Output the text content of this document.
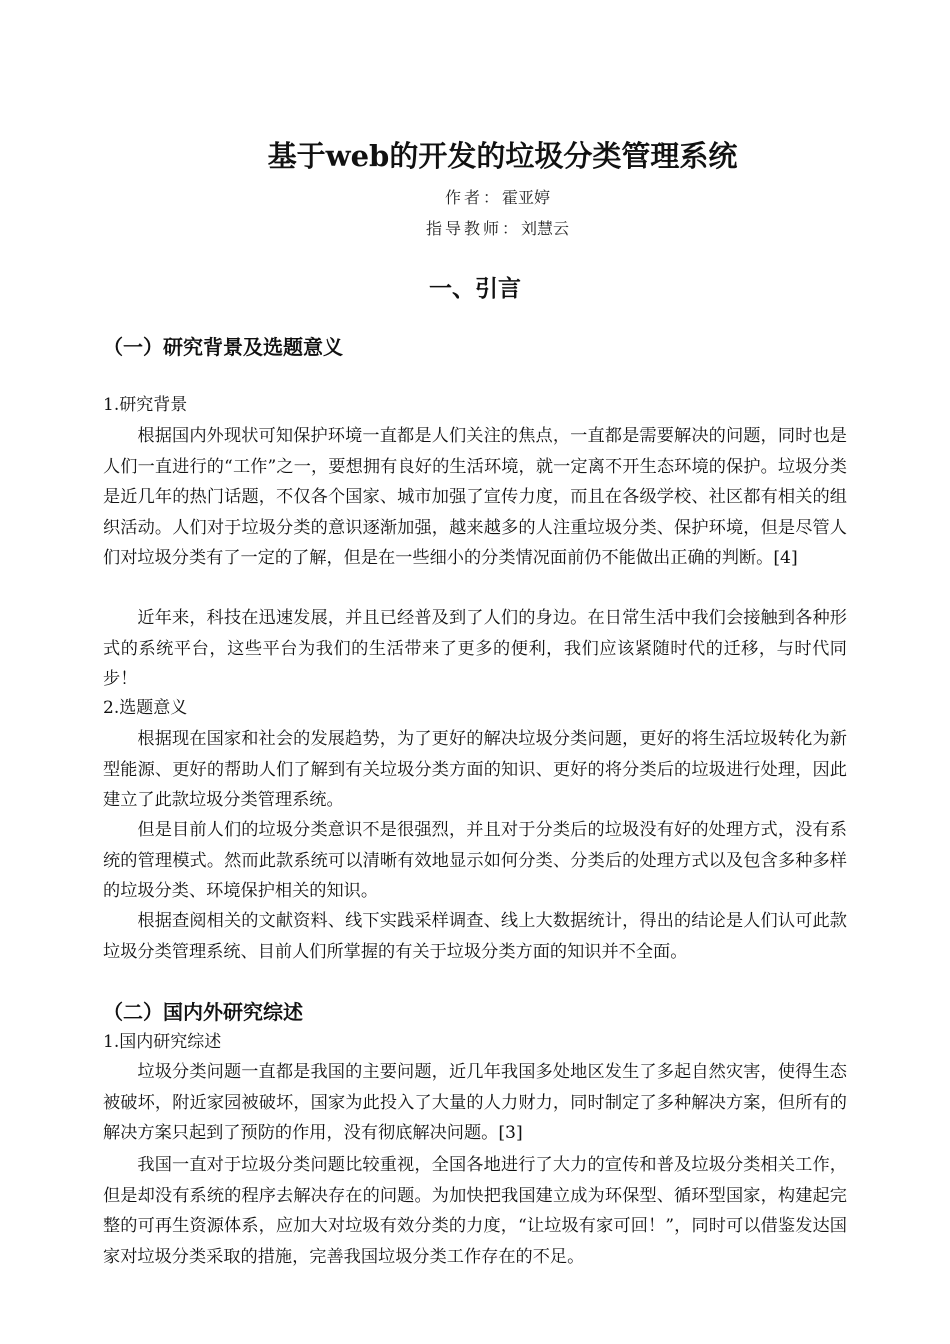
基于web的开发的垃圾分类管理系统
作者：霍亚婷
指导教师：刘慧云
一、引言
（一）研究背景及选题意义
1.研究背景

根据国内外现状可知保护环境一直都是人们关注的焦点，一直都是需要解决的问题，同时也是人们一直进行的“工作”之一，要想拥有良好的生活环境，就一定离不开生态环境的保护。垃圾分类是近几年的热门话题，不仅各个国家、城市加强了宣传力度，而且在各级学校、社区都有相关的组织活动。人们对于垃圾分类的意识逐渐加强，越来越多的人注重垃圾分类、保护环境，但是尽管人们对垃圾分类有了一定的了解，但是在一些细小的分类情况面前仍不能做出正确的判断。[4]

近年来，科技在迅速发展，并且已经普及到了人们的身边。在日常生活中我们会接触到各种形式的系统平台，这些平台为我们的生活带来了更多的便利，我们应该紧随时代的迁移，与时代同步！

2.选题意义

根据现在国家和社会的发展趋势，为了更好的解决垃圾分类问题，更好的将生活垃圾转化为新型能源、更好的帮助人们了解到有关垃圾分类方面的知识、更好的将分类后的垃圾进行处理，因此建立了此款垃圾分类管理系统。

但是目前人们的垃圾分类意识不是很强烈，并且对于分类后的垃圾没有好的处理方式，没有系统的管理模式。然而此款系统可以清晰有效地显示如何分类、分类后的处理方式以及包含多种多样的垃圾分类、环境保护相关的知识。

根据查阅相关的文献资料、线下实践采样调查、线上大数据统计，得出的结论是人们认可此款垃圾分类管理系统、目前人们所掌握的有关于垃圾分类方面的知识并不全面。

（二）国内外研究综述
1.国内研究综述

垃圾分类问题一直都是我国的主要问题，近几年我国多处地区发生了多起自然灾害，使得生态被破坏，附近家园被破坏，国家为此投入了大量的人力财力，同时制定了多种解决方案，但所有的解决方案只起到了预防的作用，没有彻底解决问题。[3]

我国一直对于垃圾分类问题比较重视，全国各地进行了大力的宣传和普及垃圾分类相关工作，但是却没有系统的程序去解决存在的问题。为加快把我国建立成为环保型、循环型国家，构建起完整的可再生资源体系，应加大对垃圾有效分类的力度，“让垃圾有家可回！”，同时可以借鉴发达国家对垃圾分类采取的措施，完善我国垃圾分类工作存在的不足。
